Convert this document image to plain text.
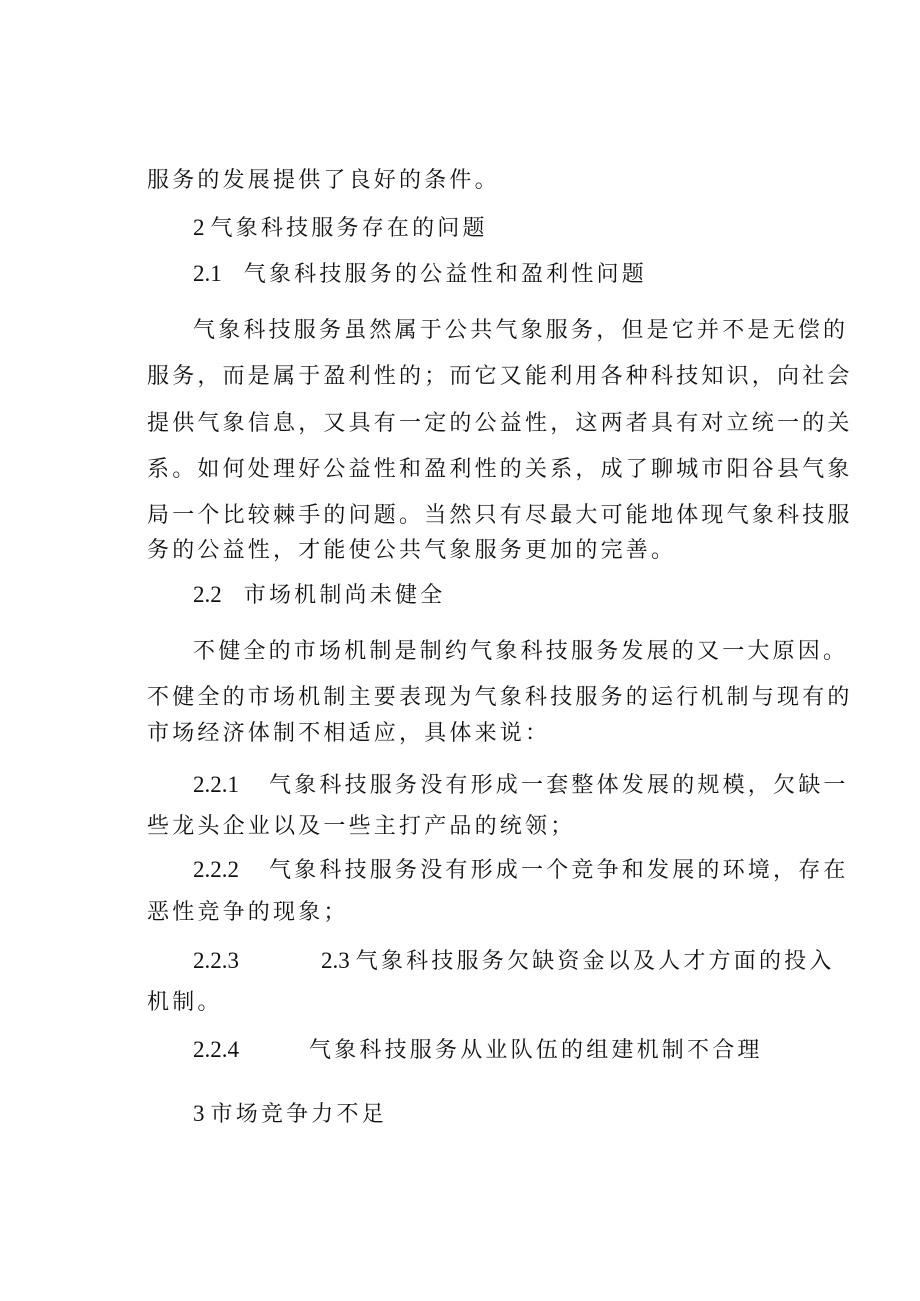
服务的发展提供了良好的条件。
2 气象科技服务存在的问题
2.1 气象科技服务的公益性和盈利性问题
气象科技服务虽然属于公共气象服务，但是它并不是无偿的
服务，而是属于盈利性的；而它又能利用各种科技知识，向社会
提供气象信息，又具有一定的公益性，这两者具有对立统一的关
系。如何处理好公益性和盈利性的关系，成了聊城市阳谷县气象
局一个比较棘手的问题。当然只有尽最大可能地体现气象科技服
务的公益性，才能使公共气象服务更加的完善。
2.2 市场机制尚未健全
不健全的市场机制是制约气象科技服务发展的又一大原因。
不健全的市场机制主要表现为气象科技服务的运行机制与现有的
市场经济体制不相适应，具体来说：
2.2.1 气象科技服务没有形成一套整体发展的规模，欠缺一
些龙头企业以及一些主打产品的统领；
2.2.2 气象科技服务没有形成一个竞争和发展的环境，存在
恶性竞争的现象；
2.2.3	2.3 气象科技服务欠缺资金以及人才方面的投入
机制。
2.2.4	气象科技服务从业队伍的组建机制不合理
3 市场竞争力不足
